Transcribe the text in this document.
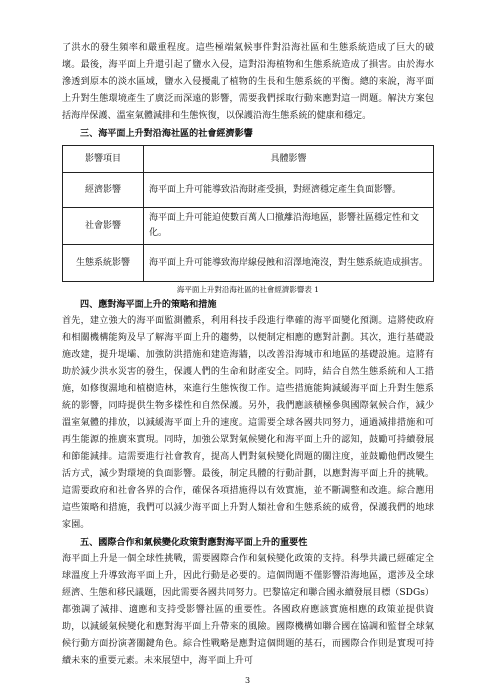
了洪水的發生頻率和嚴重程度。這些極端氣候事件對沿海社區和生態系統造成了巨大的破壞。最後，海平面上升還引起了鹽水入侵，這對沿海植物和生態系統造成了損害。由於海水滲透到原本的淡水區域，鹽水入侵擾亂了植物的生長和生態系統的平衡。總的來說，海平面上升對生態環境產生了廣泛而深遠的影響，需要我們採取行動來應對這一問題。解決方案包括海岸保護、溫室氣體減排和生態恢復，以保護沿海生態系統的健康和穩定。

三、海平面上升對沿海社區的社會經濟影響

影響項目	具體影響
經濟影響	海平面上升可能導致沿海財產受損，對經濟穩定產生負面影響。
社會影響	海平面上升可能迫使數百萬人口撤離沿海地區，影響社區穩定性和文化。
生態系統影響	海平面上升可能導致海岸線侵蝕和沼澤地淹沒，對生態系統造成損害。

海平面上升對沿海社區的社會經濟影響表 1

四、應對海平面上升的策略和措施

首先，建立強大的海平面監測體系，利用科技手段進行準確的海平面變化預測。這將使政府和相關機構能夠及早了解海平面上升的趨勢，以便制定相應的應對計劃。其次，進行基礎設施改建，提升堤壩、加強防洪措施和建造海牆，以改善沿海城市和地區的基礎設施。這將有助於減少洪水災害的發生，保護人們的生命和財產安全。同時，結合自然生態系統和人工措施，如修復濕地和植樹造林，來進行生態恢復工作。這些措施能夠減緩海平面上升對生態系統的影響，同時提供生物多樣性和自然保護。另外，我們應該積極參與國際氣候合作，減少溫室氣體的排放，以減緩海平面上升的速度。這需要全球各國共同努力，通過減排措施和可再生能源的推廣來實現。同時，加強公眾對氣候變化和海平面上升的認知，鼓勵可持續發展和節能減排。這需要進行社會教育，提高人們對氣候變化問題的關注度，並鼓勵他們改變生活方式，減少對環境的負面影響。最後，制定具體的行動計劃，以應對海平面上升的挑戰。這需要政府和社會各界的合作，確保各項措施得以有效實施，並不斷調整和改進。綜合應用這些策略和措施，我們可以減少海平面上升對人類社會和生態系統的威脅，保護我們的地球家園。

五、國際合作和氣候變化政策對應對海平面上升的重要性

海平面上升是一個全球性挑戰，需要國際合作和氣候變化政策的支持。科學共識已經確定全球溫度上升導致海平面上升，因此行動是必要的。這個問題不僅影響沿海地區，還涉及全球經濟、生態和移民議題，因此需要各國共同努力。巴黎協定和聯合國永續發展目標（SDGs）都強調了減排、適應和支持受影響社區的重要性。各國政府應該實施相應的政策並提供資助，以減緩氣候變化和應對海平面上升帶來的風險。國際機構如聯合國在協調和監督全球氣候行動方面扮演著關鍵角色。綜合性戰略是應對這個問題的基石，而國際合作則是實現可持續未來的重要元素。未來展望中，海平面上升可

3
